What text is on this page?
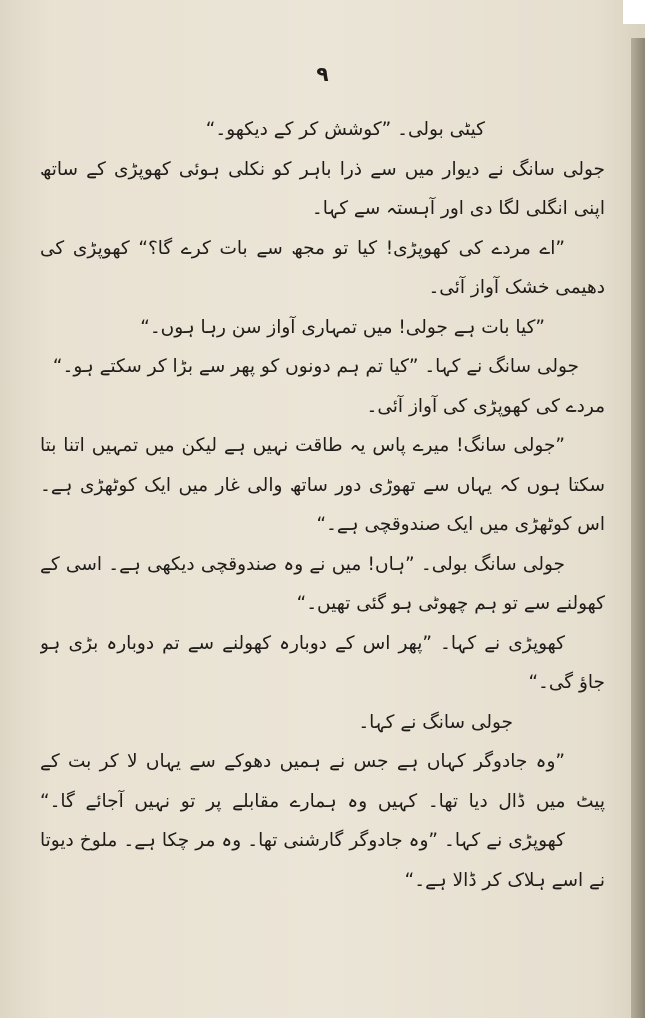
۹
کیٹی بولی۔ ”کوشش کر کے دیکھو۔“
جولی سانگ نے دیوار میں سے ذرا باہر کو نکلی ہوئی کھوپڑی کے ساتھ
اپنی انگلی لگا دی اور آہستہ سے کہا۔
”اے مردے کی کھوپڑی! کیا تو مجھ سے بات کرے گا؟“ کھوپڑی کی
دھیمی خشک آواز آئی۔
”کیا بات ہے جولی! میں تمہاری آواز سن رہا ہوں۔“
جولی سانگ نے کہا۔ ”کیا تم ہم دونوں کو پھر سے بڑا کر سکتے ہو۔“
مردے کی کھوپڑی کی آواز آئی۔
”جولی سانگ! میرے پاس یہ طاقت نہیں ہے لیکن میں تمہیں اتنا بتا
سکتا ہوں کہ یہاں سے تھوڑی دور ساتھ والی غار میں ایک کوٹھڑی ہے۔
اس کوٹھڑی میں ایک صندوقچی ہے۔“
جولی سانگ بولی۔ ”ہاں! میں نے وہ صندوقچی دیکھی ہے۔ اسی کے
کھولنے سے تو ہم چھوٹی ہو گئی تھیں۔“
کھوپڑی نے کہا۔ ”پھر اس کے دوبارہ کھولنے سے تم دوبارہ بڑی ہو
جاؤ گی۔“
جولی سانگ نے کہا۔
”وہ جادوگر کہاں ہے جس نے ہمیں دھوکے سے یہاں لا کر بت کے
پیٹ میں ڈال دیا تھا۔ کہیں وہ ہمارے مقابلے پر تو نہیں آجائے گا۔“
کھوپڑی نے کہا۔ ”وہ جادوگر گارشنی تھا۔ وہ مر چکا ہے۔ ملوخ دیوتا
نے اسے ہلاک کر ڈالا ہے۔“
